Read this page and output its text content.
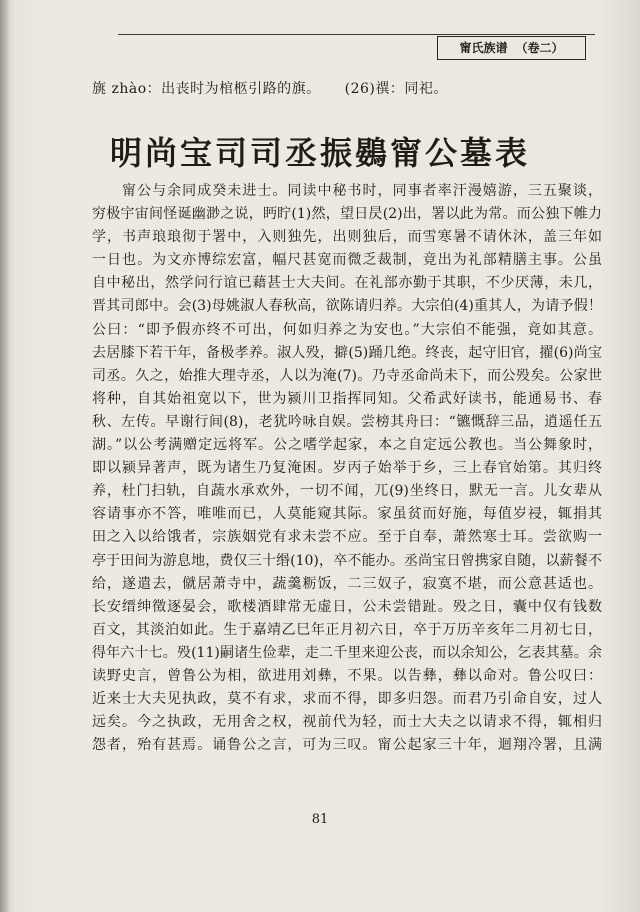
甯氏族谱 （卷二）
旐 zhào：出丧时为棺柩引路的旗。 (26)禩：同祀。
明尚宝司司丞振鷃甯公墓表
　　甯公与余同成癸未进士。同读中秘书时，同事者率汗漫嬉游，三五聚谈，
穷极宇宙间怪诞幽渺之说，眄眝(1)然，望日昃(2)出，署以此为常。而公独下帷力
学，书声琅琅彻于署中，入则独先，出则独后，而雪寒暑不请休沐，盖三年如
一日也。为文亦博综宏富，幅尺甚宽而微乏裁制，竟出为礼部精膳主事。公虽
自中秘出，然学问行谊已藉甚士大夫间。在礼部亦勤于其职，不少厌薄，未几，
晋其司郎中。会(3)母姚淑人春秋高，欲陈请归养。大宗伯(4)重其人，为请予假！
公曰：“即予假亦终不可出，何如归养之为安也。”大宗伯不能强，竟如其意。
去居膝下若干年，备极孝养。淑人殁，擗(5)踊几绝。终丧，起守旧官，擢(6)尚宝
司丞。久之，始推大理寺丞，人以为淹(7)。乃寺丞命尚未下，而公殁矣。公家世
将种，自其始祖宽以下，世为颍川卫指挥同知。父希武好读书，能通易书、春
秋、左传。早谢行间(8)，老犹吟咏自娱。尝榜其舟曰：“镳慨辞三品，逍遥任五
湖。”以公考满赠定远将军。公之嗜学起家，本之自定远公教也。当公舞象时，
即以颍异著声，既为诸生乃复淹困。岁丙子始举于乡，三上春官始第。其归终
养，杜门扫轨，自蔬水承欢外，一切不闻，兀(9)坐终日，默无一言。儿女辈从
容请事亦不答，唯唯而已，人莫能窥其际。家虽贫而好施，每值岁祲，辄捐其
田之入以给饿者，宗族姻党有求未尝不应。至于自奉，萧然寒士耳。尝欲购一
亭于田间为游息地，费仅三十缗(10)，卒不能办。丞尚宝日曾携家自随，以薪餐不
给，遂遣去，僦居萧寺中，蔬羹粝饭，二三奴子，寂寞不堪，而公意甚适也。
长安缙绅徵逐晏会，歌楼酒肆常无虚日，公未尝错趾。殁之日，囊中仅有钱数
百文，其淡泊如此。生于嘉靖乙巳年正月初六日，卒于万历辛亥年二月初七日，
得年六十七。殁(11)嗣诸生俭辈，走二千里来迎公丧，而以余知公，乞表其墓。余
读野史言，曾鲁公为相，欲进用刘彝，不果。以告彝，彝以命对。鲁公叹曰：
近来士大夫见执政，莫不有求，求而不得，即多归怨。而君乃引命自安，过人
远矣。今之执政，无用舍之权，视前代为轻，而士大夫之以请求不得，辄相归
怨者，殆有甚焉。诵鲁公之言，可为三叹。甯公起家三十年，迴翔冷署，且满
81
